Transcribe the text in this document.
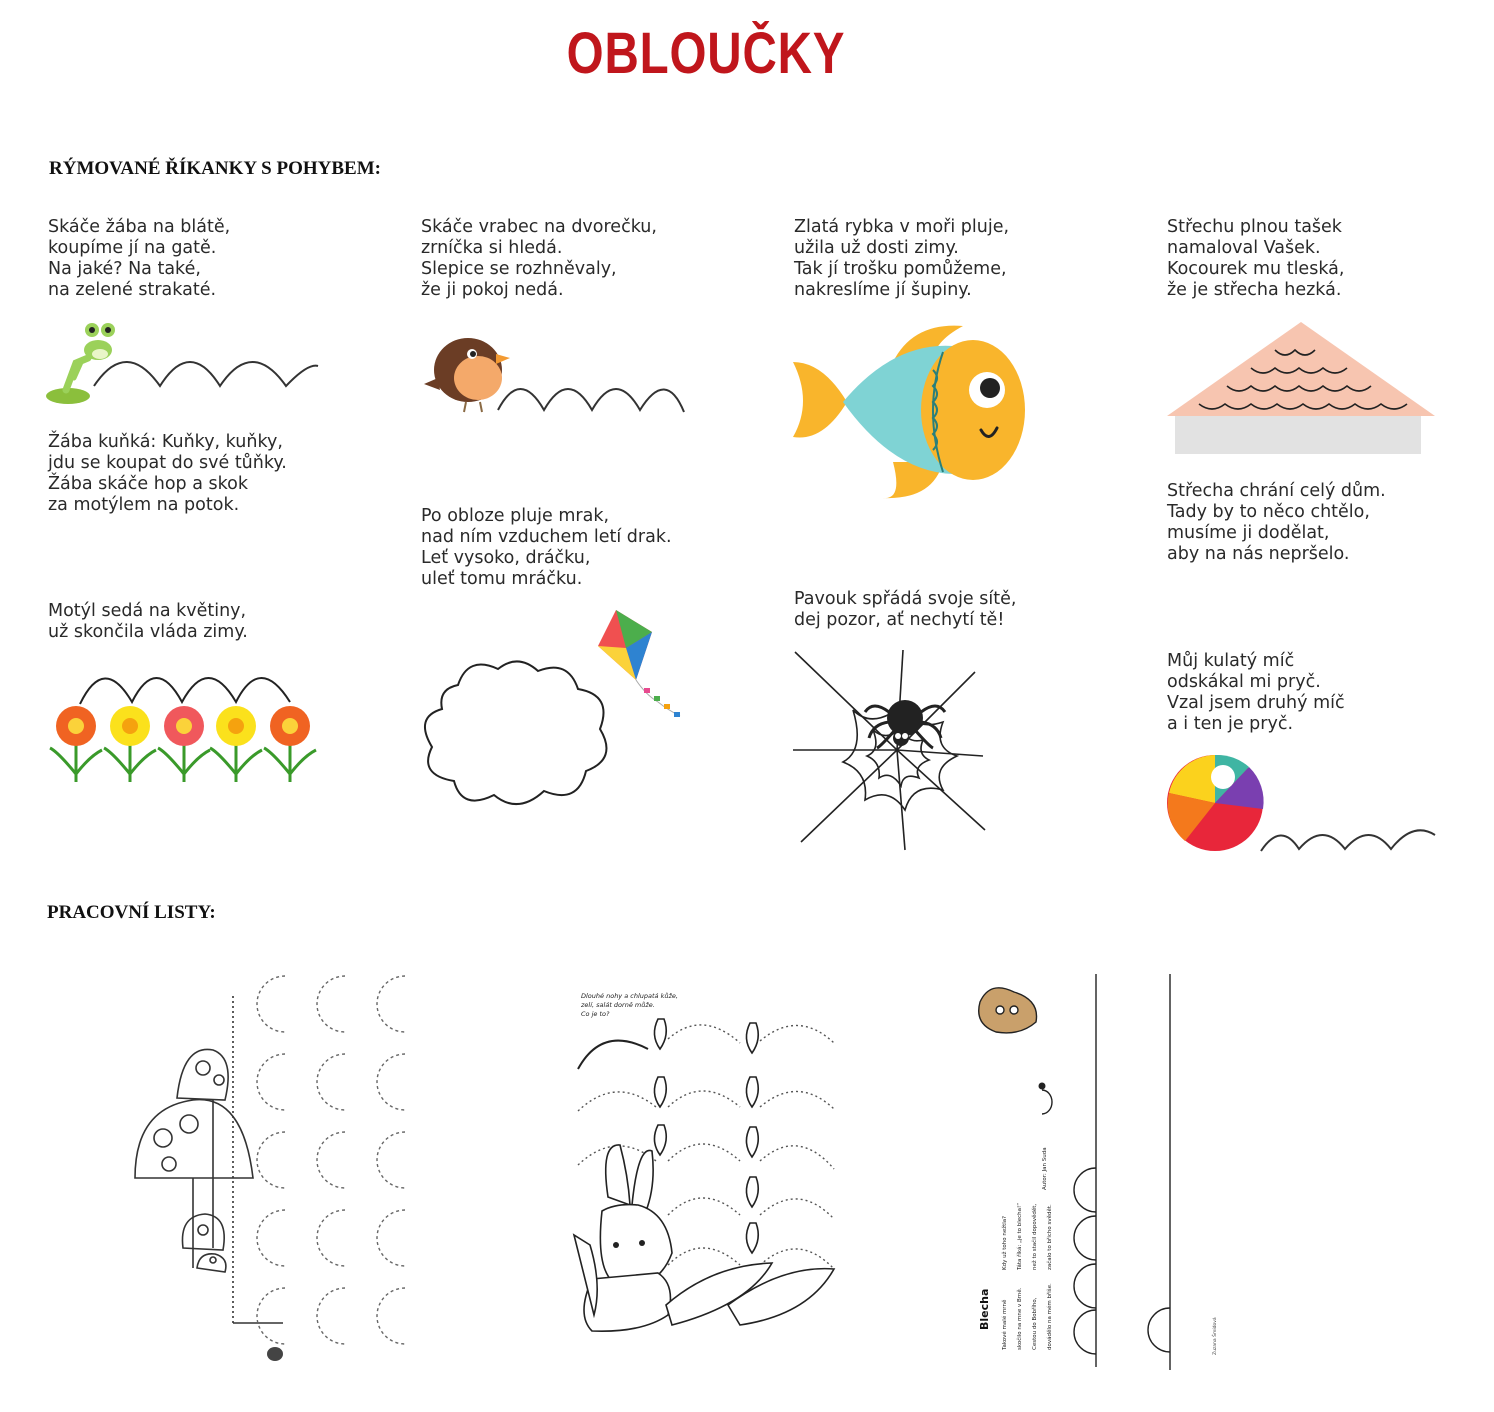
OBLOUČKY
RÝMOVANÉ ŘÍKANKY S POHYBEM:
Skáče žába na blátě,
koupíme jí na gatě.
Na jaké? Na také,
na zelené strakaté.
Žába kuňká: Kuňky, kuňky,
jdu se koupat do své tůňky.
Žába skáče hop a skok
za motýlem na potok.
Motýl sedá na květiny,
už skončila vláda zimy.
Skáče vrabec na dvorečku,
zrníčka si hledá.
Slepice se rozhněvaly,
že ji pokoj nedá.
Po obloze pluje mrak,
nad ním vzduchem letí drak.
Leť vysoko, dráčku,
uleť tomu mráčku.
Zlatá rybka v moři pluje,
užila už dosti zimy.
Tak jí trošku pomůžeme,
nakreslíme jí šupiny.
Pavouk spřádá svoje sítě,
dej pozor, ať nechytí tě!
Střechu plnou tašek
namaloval Vašek.
Kocourek mu tleská,
že je střecha hezká.
Střecha chrání celý dům.
Tady by to něco chtělo,
musíme ji dodělat,
aby na nás nepršelo.
Můj kulatý míč
odskákal mi pryč.
Vzal jsem druhý míč
a i ten je pryč.
PRACOVNÍ LISTY:
Dlouhé nohy a chlupatá kůže,
zelí, salát dorně může.
Co je to?
Blecha	Takové malé mrně	skočilo na mne v Brně.	Cestou do Bobřího,	dovádělo na mém břiše.
Kdy už toho nežtla?	Táta říká: „je to blecha!“	než to stačil dopovědět,	začalo to břicho svědět.
Autor: Jan Suda
Zuzana Šmídová
